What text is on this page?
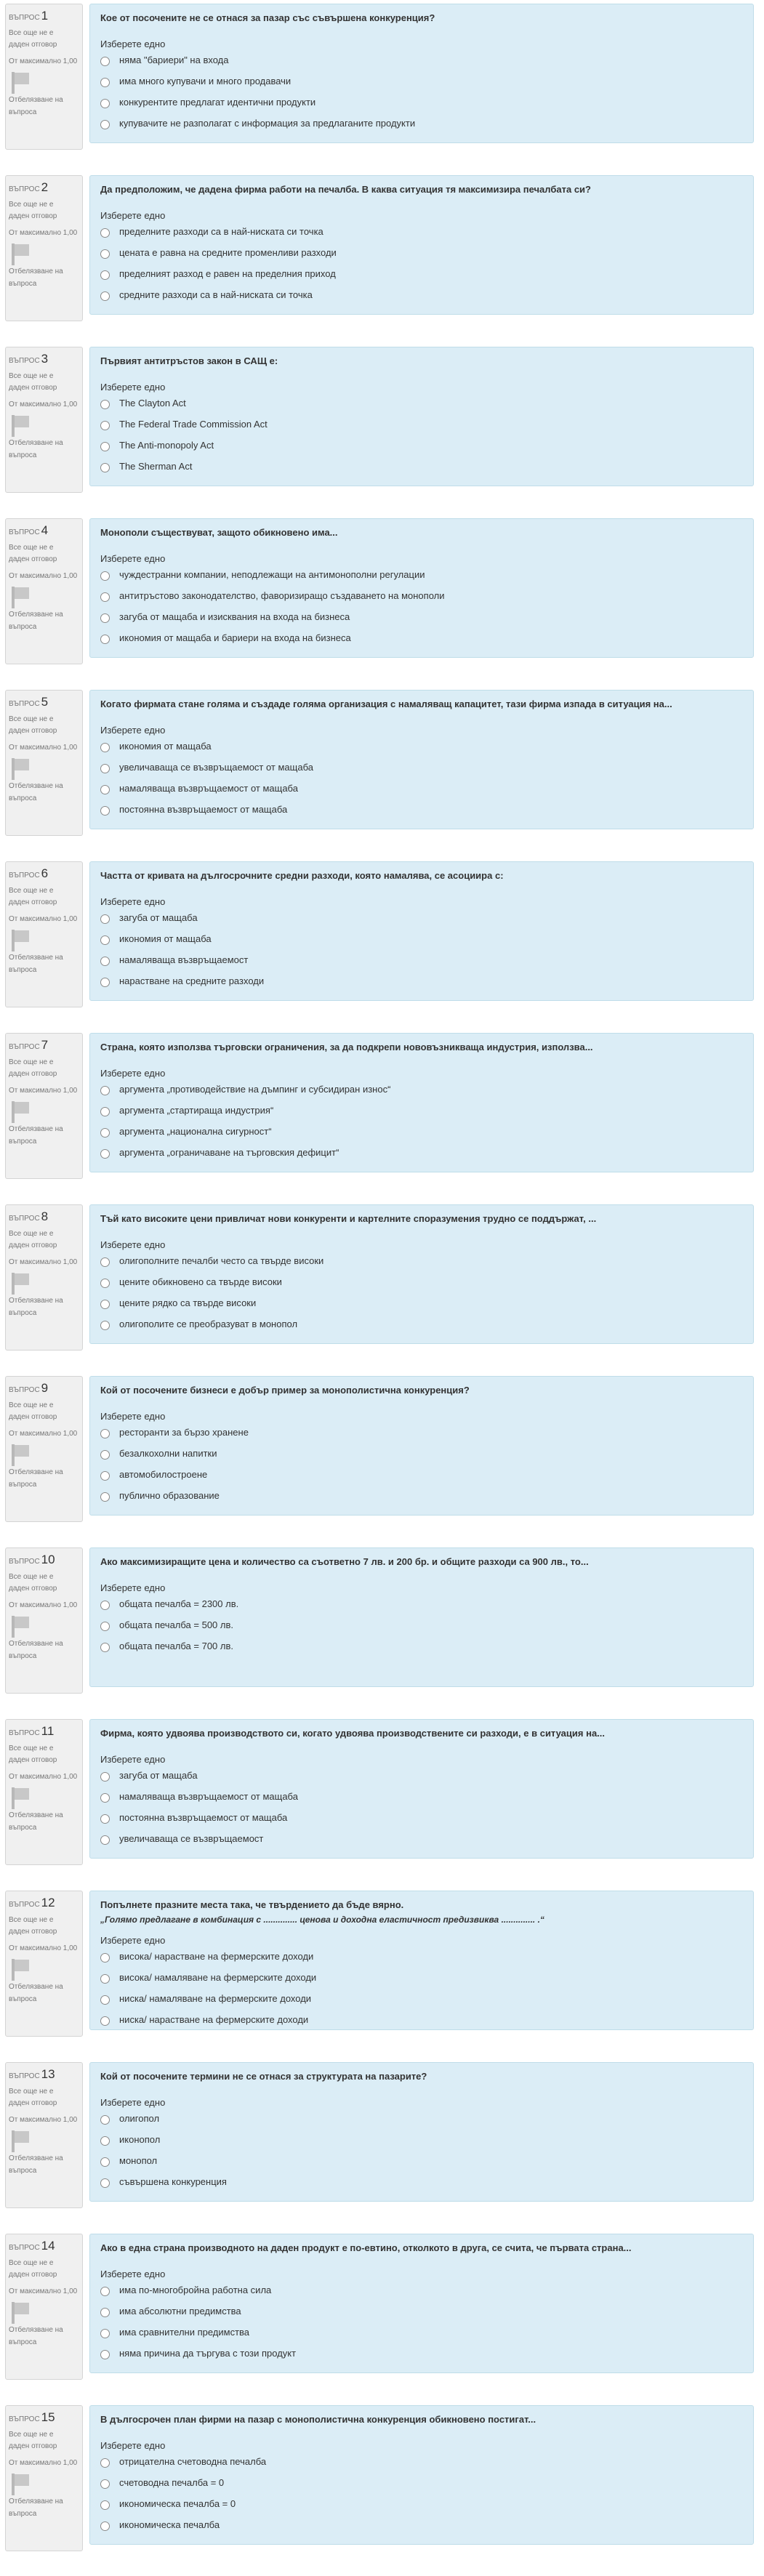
ВЪПРОС 1
Все още не е даден отговор
От максимално 1,00
Отбелязване на въпроса
Кое от посочените не се отнася за пазар със съвършена конкуренция?
Изберете едно
няма "бариери" на входа
има много купувачи и много продавачи
конкурентите предлагат идентични продукти
купувачите не разполагат с информация за предлаганите продукти
ВЪПРОС 2
Все още не е даден отговор
От максимално 1,00
Отбелязване на въпроса
Да предположим, че дадена фирма работи на печалба. В каква ситуация тя максимизира печалбата си?
Изберете едно
пределните разходи са в най-ниската си точка
цената е равна на средните променливи разходи
пределният разход е равен на пределния приход
средните разходи са в най-ниската си точка
ВЪПРОС 3
Все още не е даден отговор
От максимално 1,00
Отбелязване на въпроса
Първият антитръстов закон в САЩ е:
Изберете едно
The Clayton Act
The Federal Trade Commission Act
The Anti-monopoly Act
The Sherman Act
ВЪПРОС 4
Все още не е даден отговор
От максимално 1,00
Отбелязване на въпроса
Монополи съществуват, защото обикновено има...
Изберете едно
чуждестранни компании, неподлежащи на антимонополни регулации
антитръстово законодателство, фаворизиращо създаването на монополи
загуба от мащаба и изисквания на входа на бизнеса
икономия от мащаба и бариери на входа на бизнеса
ВЪПРОС 5
Все още не е даден отговор
От максимално 1,00
Отбелязване на въпроса
Когато фирмата стане голяма и създаде голяма организация с намаляващ капацитет, тази фирма изпада в ситуация на...
Изберете едно
икономия от мащаба
увеличаваща се възвръщаемост от мащаба
намаляваща възвръщаемост от мащаба
постоянна възвръщаемост от мащаба
ВЪПРОС 6
Все още не е даден отговор
От максимално 1,00
Отбелязване на въпроса
Частта от кривата на дългосрочните средни разходи, която намалява, се асоциира с:
Изберете едно
загуба от мащаба
икономия от мащаба
намаляваща възвръщаемост
нарастване на средните разходи
ВЪПРОС 7
Все още не е даден отговор
От максимално 1,00
Отбелязване на въпроса
Страна, която използва търговски ограничения, за да подкрепи нововъзникваща индустрия, използва...
Изберете едно
аргумента „противодействие на дъмпинг и субсидиран износ“
аргумента „стартираща индустрия“
аргумента „национална сигурност“
аргумента „ограничаване на търговския дефицит“
ВЪПРОС 8
Все още не е даден отговор
От максимално 1,00
Отбелязване на въпроса
Тъй като високите цени привличат нови конкуренти и картелните споразумения трудно се поддържат, ...
Изберете едно
олигополните печалби често са твърде високи
цените обикновено са твърде високи
цените рядко са твърде високи
олигополите се преобразуват в монопол
ВЪПРОС 9
Все още не е даден отговор
От максимално 1,00
Отбелязване на въпроса
Кой от посочените бизнеси е добър пример за монополистична конкуренция?
Изберете едно
ресторанти за бързо хранене
безалкохолни напитки
автомобилостроене
публично образование
ВЪПРОС 10
Все още не е даден отговор
От максимално 1,00
Отбелязване на въпроса
Ако максимизиращите цена и количество са съответно 7 лв. и 200 бр. и общите разходи са 900 лв., то...
Изберете едно
общата печалба = 2300 лв.
общата печалба = 500 лв.
общата печалба = 700 лв.
ВЪПРОС 11
Все още не е даден отговор
От максимално 1,00
Отбелязване на въпроса
Фирма, която удвоява производството си, когато удвоява производствените си разходи, е в ситуация на...
Изберете едно
загуба от мащаба
намаляваща възвръщаемост от мащаба
постоянна възвръщаемост от мащаба
увеличаваща се възвръщаемост
ВЪПРОС 12
Все още не е даден отговор
От максимално 1,00
Отбелязване на въпроса
Попълнете празните места така, че твърдението да бъде вярно.
„Голямо предлагане в комбинация с .............. ценова и доходна еластичност предизвиква .............. .“
Изберете едно
висока/ нарастване на фермерските доходи
висока/ намаляване на фермерските доходи
ниска/ намаляване на фермерските доходи
ниска/ нарастване на фермерските доходи
ВЪПРОС 13
Все още не е даден отговор
От максимално 1,00
Отбелязване на въпроса
Кой от посочените термини не се отнася за структурата на пазарите?
Изберете едно
олигопол
иконопол
монопол
съвършена конкуренция
ВЪПРОС 14
Все още не е даден отговор
От максимално 1,00
Отбелязване на въпроса
Ако в една страна производното на даден продукт е по-евтино, отколкото в друга, се счита, че първата страна...
Изберете едно
има по-многобройна работна сила
има абсолютни предимства
има сравнителни предимства
няма причина да търгува с този продукт
ВЪПРОС 15
Все още не е даден отговор
От максимално 1,00
Отбелязване на въпроса
В дългосрочен план фирми на пазар с монополистична конкуренция обикновено постигат...
Изберете едно
отрицателна счетоводна печалба
счетоводна печалба = 0
икономическа печалба = 0
икономическа печалба
